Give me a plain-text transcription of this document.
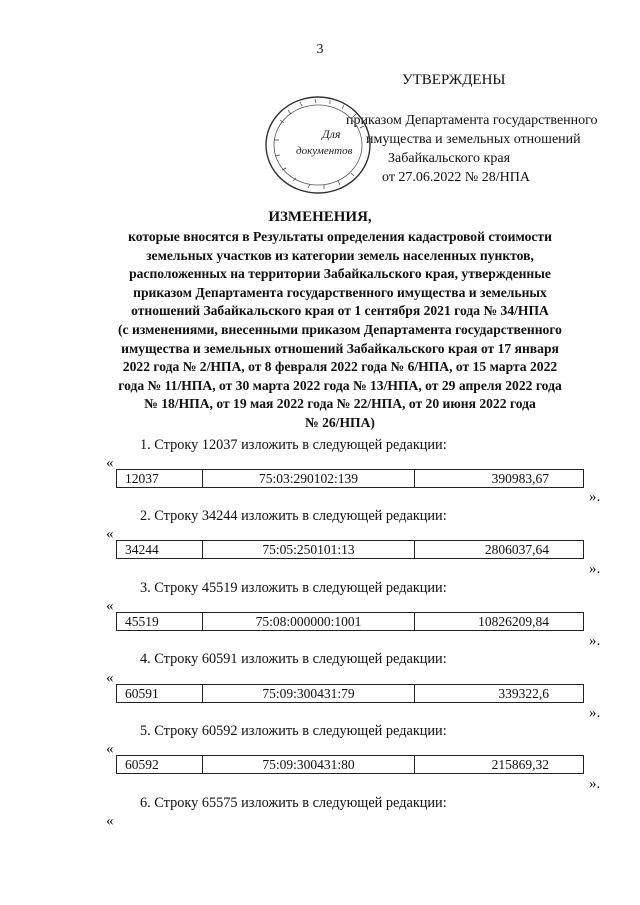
3
УТВЕРЖДЕНЫ
приказом Департамента государственного
имущества и земельных отношений
Забайкальского края
от 27.06.2022 № 28/НПА
Для
документов
ИЗМЕНЕНИЯ,
которые вносятся в Результаты определения кадастровой стоимости
земельных участков из категории земель населенных пунктов,
расположенных на территории Забайкальского края, утвержденные
приказом Департамента государственного имущества и земельных
отношений Забайкальского края от 1 сентября 2021 года № 34/НПА
(с изменениями, внесенными приказом Департамента государственного
имущества и земельных отношений Забайкальского края от 17 января
2022 года № 2/НПА, от 8 февраля 2022 года № 6/НПА, от 15 марта 2022
года № 11/НПА, от 30 марта 2022 года № 13/НПА, от 29 апреля 2022 года
№ 18/НПА, от 19 мая 2022 года № 22/НПА, от 20 июня 2022 года
№ 26/НПА)
1. Строку 12037 изложить в следующей редакции:
«
12037	75:03:290102:139	390983,67
».
2. Строку 34244 изложить в следующей редакции:
«
34244	75:05:250101:13	2806037,64
».
3. Строку 45519 изложить в следующей редакции:
«
45519	75:08:000000:1001	10826209,84
».
4. Строку 60591 изложить в следующей редакции:
«
60591	75:09:300431:79	339322,6
».
5. Строку 60592 изложить в следующей редакции:
«
60592	75:09:300431:80	215869,32
».
6. Строку 65575 изложить в следующей редакции:
«
